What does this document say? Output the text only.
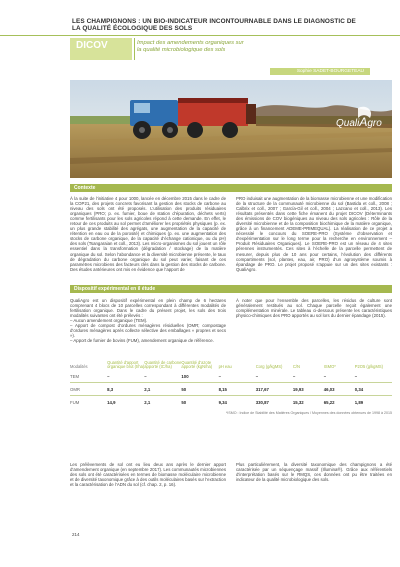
LES CHAMPIGNONS : UN BIO-INDICATEUR INCONTOURNABLE DANS LE DIAGNOSTIC DE
LA QUALITÉ ÉCOLOGIQUE DES SOLS
DICOV	Impact des amendements organiques sur
la qualité microbiologique des sols
Sophie SADET-BOURGETEAU
QualiAgro
Contexte

À la suite de l’initiative 4 pour 1000, lancée en décembre 2015 dans le cadre de la COP21, des projets concrets favorisant la gestion des stocks de carbone au niveau des sols ont été proposés. L’utilisation des produits résiduaires organiques (PRO; p. ex. fumier, boue de station d’épuration, déchets verts) comme fertilisants pour les sols agricoles répond à cette demande. En effet, le retour de ces produits au sol permet d’améliorer les propriétés physiques (p. ex. un plus grande stabilité des agrégats, une augmentation de la capacité de rétention en eau ou de la porosité) et chimiques (p. ex. une augmentation des stocks de carbone organique, de la capacité d’échange cationique, ou du pH) des sols (Tsangaraian et coll., 2013). Les micro-organismes du sol jouent un rôle essentiel dans la transformation (dégradation / stockage) de la matière organique du sol. Selon l’abondance et la diversité microbienne présente, le taux de dégradation du carbone organique du sol peut varier, faisant de ces paramètres microbiens des facteurs clés dans la gestion des stocks de carbone. Des études antérieures ont mis en évidence que l’apport de

PRO induisait une augmentation de la biomasse microbienne et une modification de la structure de la communauté microbienne du sol (Bastida et coll., 2008 ; Calbrix et coll., 2007 ; García-Gil et coll., 2004 ; Lazcano et coll., 2013). Les résultats présentés dans cette fiche émanent du projet DICOV (Déterminants des émissions de COV biogéniques au niveau des sols agricoles : Rôle de la diversité microbienne et de la composition biochimique de la matière organique, grâce à un financement ADEME-PRIMEQUAL). La réalisation de ce projet a nécessité le concours du SOERE-PRO (Système d’observation et d’expérimentation sur le long terme pour la recherche en environnement – Produit Résiduaires Organiques). Le SOERE-PRO est un réseau de 4 sites pérennes instrumentés. Ces sites à l’échelle de la parcelle permettent de mesurer, depuis plus de 10 ans pour certains, l’évolution des différents compartiments (sol, plantes, eau, air, PRO) d’un agrosystème soumis à épandage de PRO. Le projet proposé s’appuie sur un des sites existants : QualiAgro.

Dispositif expérimental en il étude

QualiAgro est un dispositif expérimental en plein champ de 6 hectares comprenant 4 blocs de 10 parcelles correspondant à différentes modalités de fertilisation organique. Dans le cadre du présent projet, les sols des trois modalités suivantes ont été prélevés :

– Aucun amendement organique (TEM).

– Apport de compost d’ordures ménagères résiduelles (OMR; compostage d’ordures ménagères après collecte sélective des emballages « propres et secs »).

– Apport de fumier de bovins (FUM), amendement organique de référence.

À noter que pour l’ensemble des parcelles, les résidus de culture sont généralement restitués au sol. Chaque parcelle reçoit également une complémentation minérale. Le tableau ci-dessous présente les caractéristiques physico-chimiques des PRO apportés au sol lors du dernier épandage (2015).

Modalités	Quantité d'apport organique brut (t/ha)	Quantité de carbone apporté (tC/ha)	Quantité d'azote apporté (kgN/ha)	pH eau	Corg (g/kgMS)	C/N	ISMO*	P2O5 (g/kgMS)
TEM	–	–	100	–	–	–	–	–
OMR	8,3	2,1	50	8,15	317,67	19,93	46,03	0,34
FUM	14,9	2,1	50	9,34	330,87	15,32	65,22	1,89
*ISMO : Indice de Stabilité des Matières Organiques / Moyennes des données obtenues de 1998 à 2015

Les prélèvements de sol ont eu lieu deux ans après le dernier apport d’amendement organique (en septembre 2017). Les communautés microbiennes des sols ont été caractérisées en termes de biomasse moléculaire microbienne et de diversité taxonomique grâce à des outils moléculaires basés sur l’extraction et la caractérisation de l’ADN du sol (cf. chap. 2, p. 16).

Plus particulièrement, la diversité taxonomique des champignons a été caractérisée par un séquençage massif (Illumina®). Grâce aux référentiels d’interprétation basés sur le RMQS, ces données ont pu être traitées en indicateur de la qualité microbiologique des sols.

214
